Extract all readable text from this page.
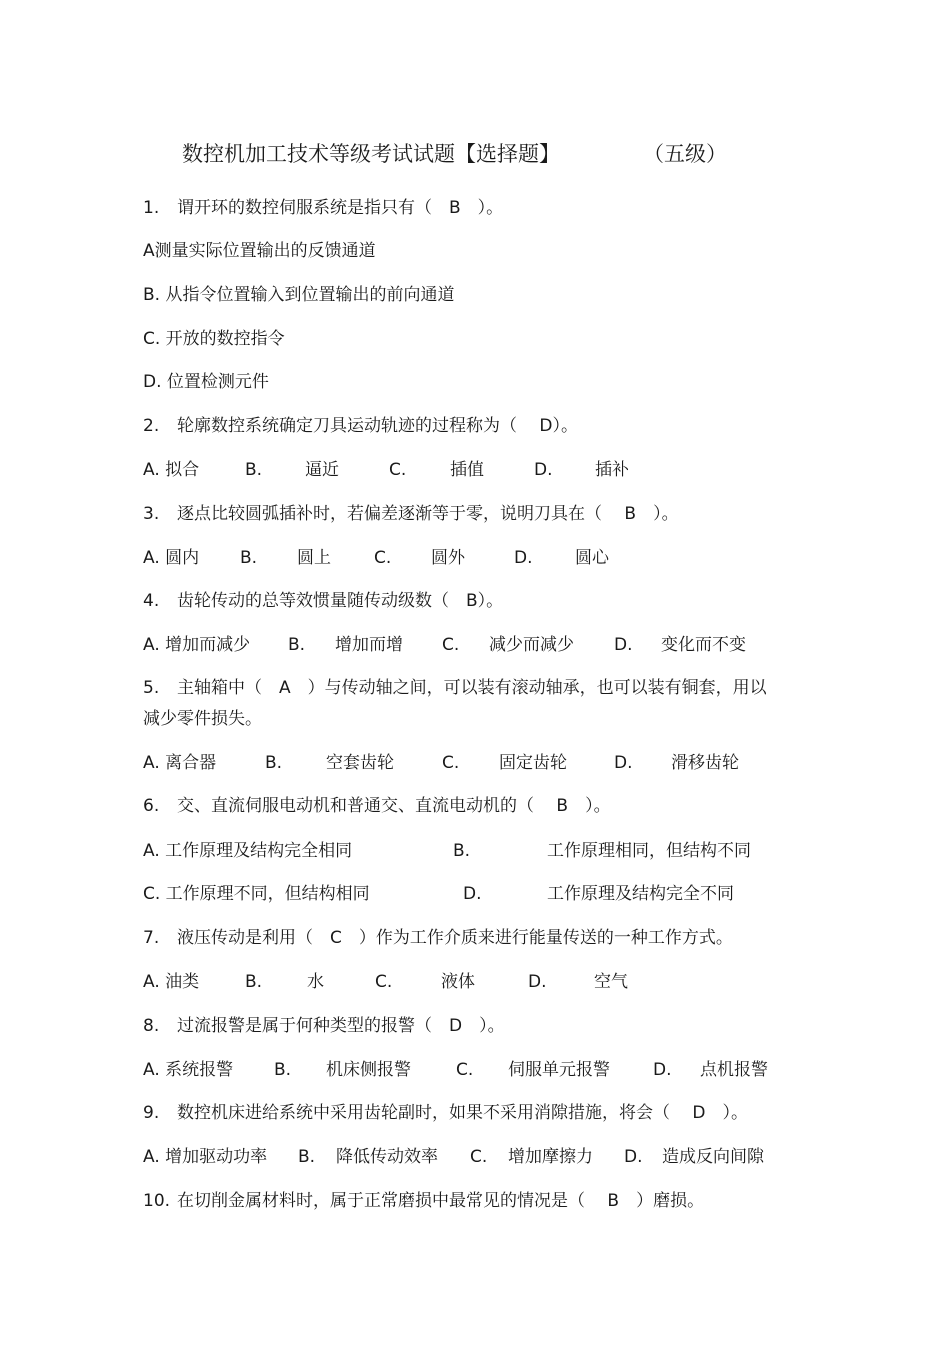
数控机加工技术等级考试试题【选择题】	（五级）
1. 谓开环的数控伺服系统是指只有（　B　）。
A测量实际位置输出的反馈通道
B. 从指令位置输入到位置输出的前向通道
C. 开放的数控指令
D. 位置检测元件
2. 轮廓数控系统确定刀具运动轨迹的过程称为（　 D）。
A. 拟合	B.	逼近	C.	插值	D.	插补
3. 逐点比较圆弧插补时，若偏差逐渐等于零，说明刀具在（　 B　）。
A. 圆内 B. 圆上	C. 圆外	D.	圆心
4. 齿轮传动的总等效惯量随传动级数（　B）。
A. 增加而减少 B. 增加而增 C. 减少而减少 D. 变化而不变
5. 主轴箱中（　A　）与传动轴之间，可以装有滚动轴承，也可以装有铜套，用以减少零件损失。
A. 离合器	B.	空套齿轮	C. 固定齿轮	D. 滑移齿轮
6. 交、直流伺服电动机和普通交、直流电动机的（　 B　）。
A. 工作原理及结构完全相同	B.	工作原理相同，但结构不同
C. 工作原理不同，但结构相同	D.	工作原理及结构完全不同
7. 液压传动是利用（　C　）作为工作介质来进行能量传送的一种工作方式。
A. 油类	B.	水	C.	液体	D.	空气
8. 过流报警是属于何种类型的报警（　D　）。
A. 系统报警 B. 机床侧报警	C. 伺服单元报警	D. 点机报警
9. 数控机床进给系统中采用齿轮副时，如果不采用消隙措施，将会（　 D　）。
A. 增加驱动功率 B. 降低传动效率 C. 增加摩擦力 D. 造成反向间隙
10. 在切削金属材料时，属于正常磨损中最常见的情况是（　 B　）磨损。
